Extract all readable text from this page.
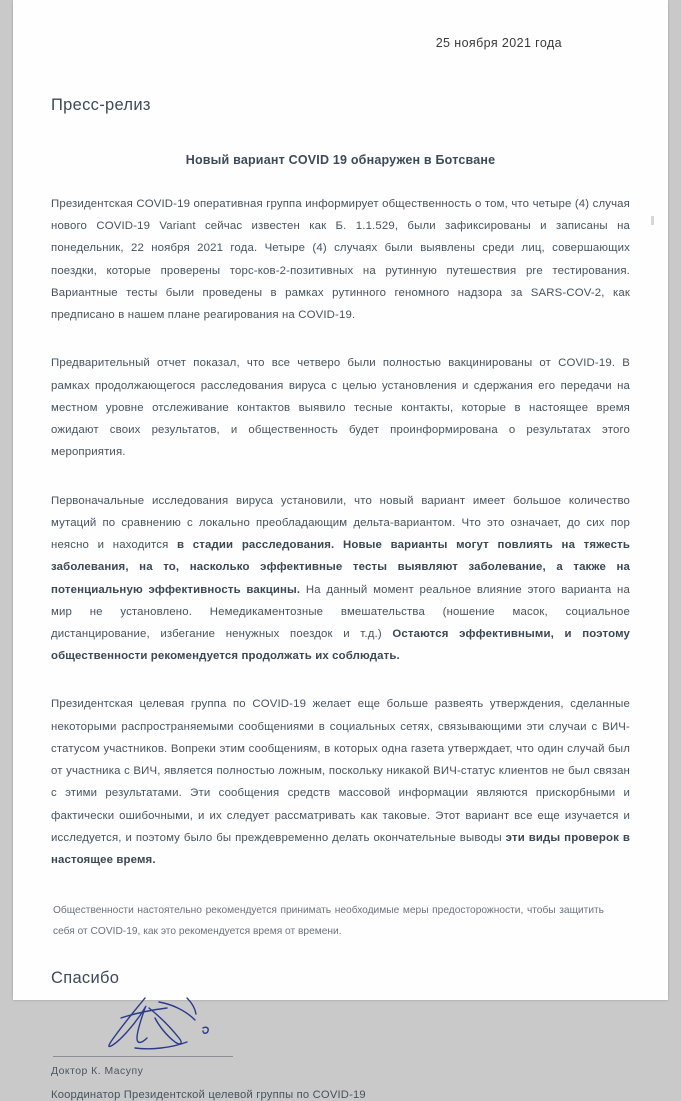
25 ноября 2021 года
Пресс-релиз
Новый вариант COVID 19 обнаружен в Ботсване

Президентская COVID-19 оперативная группа информирует общественность о том, что четыре (4) случая нового COVID-19 Variant сейчас известен как Б. 1.1.529, были зафиксированы и записаны на понедельник, 22 ноября 2021 года. Четыре (4) случаях были выявлены среди лиц, совершающих поездки, которые проверены торс-ков-2-позитивных на рутинную путешествия pre тестирования. Вариантные тесты были проведены в рамках рутинного геномного надзора за SARS-COV-2, как предписано в нашем плане реагирования на COVID-19.

Предварительный отчет показал, что все четверо были полностью вакцинированы от COVID-19. В рамках продолжающегося расследования вируса с целью установления и сдержания его передачи на местном уровне отслеживание контактов выявило тесные контакты, которые в настоящее время ожидают своих результатов, и общественность будет проинформирована о результатах этого мероприятия.

Первоначальные исследования вируса установили, что новый вариант имеет большое количество мутаций по сравнению с локально преобладающим дельта-вариантом. Что это означает, до сих пор неясно и находится в стадии расследования. Новые варианты могут повлиять на тяжесть заболевания, на то, насколько эффективные тесты выявляют заболевание, а также на потенциальную эффективность вакцины. На данный момент реальное влияние этого варианта на мир не установлено. Немедикаментозные вмешательства (ношение масок, социальное дистанцирование, избегание ненужных поездок и т.д.) Остаются эффективными, и поэтому общественности рекомендуется продолжать их соблюдать.

Президентская целевая группа по COVID-19 желает еще больше развеять утверждения, сделанные некоторыми распространяемыми сообщениями в социальных сетях, связывающими эти случаи с ВИЧ-статусом участников. Вопреки этим сообщениям, в которых одна газета утверждает, что один случай был от участника с ВИЧ, является полностью ложным, поскольку никакой ВИЧ-статус клиентов не был связан с этими результатами. Эти сообщения средств массовой информации являются прискорбными и фактически ошибочными, и их следует рассматривать как таковые. Этот вариант все еще изучается и исследуется, и поэтому было бы преждевременно делать окончательные выводы эти виды проверок в настоящее время.

Общественности настоятельно рекомендуется принимать необходимые меры предосторожности, чтобы защитить себя от COVID-19, как это рекомендуется время от времени.

Спасибо
Доктор К. Масупу
Координатор Президентской целевой группы по COVID-19
